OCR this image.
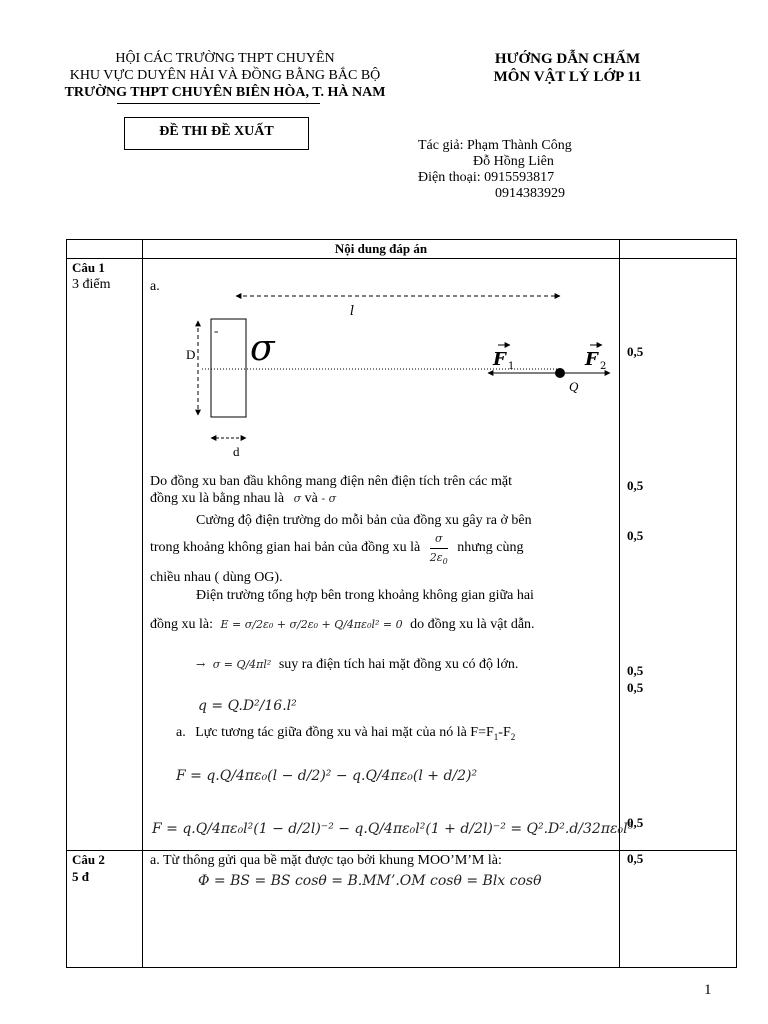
HỘI CÁC TRƯỜNG THPT CHUYÊN
KHU VỰC DUYÊN HẢI VÀ ĐỒNG BẰNG BẮC BỘ
TRƯỜNG THPT CHUYÊN BIÊN HÒA, T. HÀ NAM
HƯỚNG DẪN CHẤM
MÔN VẬT LÝ LỚP 11
ĐỀ THI ĐỀ XUẤT
Tác giả: Phạm Thành Công
Đỗ Hồng Liên
Điện thoại: 0915593817
0914383929
Nội dung đáp án
Câu 1
3 điểm
Câu 2
5 đ
a.
l
- σ
D
d
F 1	F 2
Q
Do đồng xu ban đầu không mang điện nên điện tích trên các mặt
đồng xu là bằng nhau là σ và - σ
Cường độ điện trường do mỗi bản của đồng xu gây ra ở bên
trong khoảng không gian hai bản của đồng xu là $\frac{\sigma}{2\varepsilon_0}$ nhưng cùng
chiều nhau ( dùng OG).
Điện trường tổng hợp bên trong khoảng không gian giữa hai
đồng xu là: E = σ/2ε₀ + σ/2ε₀ + Q/4πε₀l² = 0 do đồng xu là vật dẫn.
→ σ = Q/4πl² suy ra điện tích hai mặt đồng xu có độ lớn.
q = Q.D²/16.l²
a. Lực tương tác giữa đồng xu và hai mặt của nó là $F=F_1-F_2$
F = q.Q/4πε₀(l − d/2)² − q.Q/4πε₀(l + d/2)²
F = q.Q/4πε₀l²(1 − d/2l)⁻² − q.Q/4πε₀l²(1 + d/2l)⁻² = Q².D².d/32πε₀l⁵
0,5
0,5
0,5
0,5
0,5
0,5
0,5
a. Từ thông gửi qua bề mặt được tạo bởi khung MOO’M’M là:
Φ = BS = BS cosθ = B.MM’.OM cosθ = Blx cosθ
1
